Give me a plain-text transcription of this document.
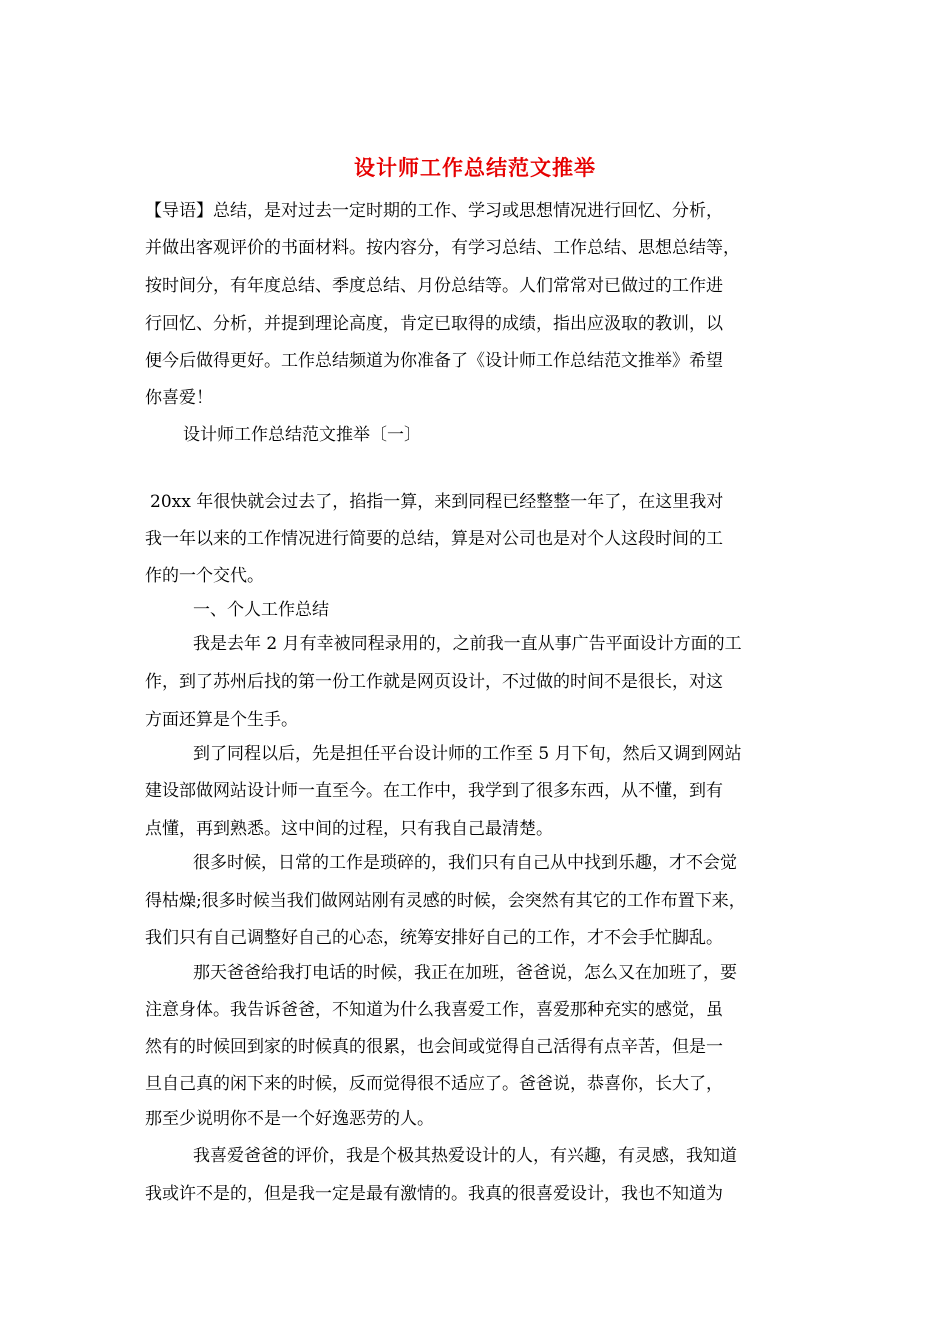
设计师工作总结范文推举
【导语】总结，是对过去一定时期的工作、学习或思想情况进行回忆、分析，
并做出客观评价的书面材料。按内容分，有学习总结、工作总结、思想总结等，
按时间分，有年度总结、季度总结、月份总结等。人们常常对已做过的工作进
行回忆、分析，并提到理论高度，肯定已取得的成绩，指出应汲取的教训，以
便今后做得更好。工作总结频道为你准备了《设计师工作总结范文推举》希望
你喜爱！
设计师工作总结范文推举〔一〕
20xx 年很快就会过去了，掐指一算，来到同程已经整整一年了，在这里我对
我一年以来的工作情况进行简要的总结，算是对公司也是对个人这段时间的工
作的一个交代。
一、个人工作总结
我是去年 2 月有幸被同程录用的，之前我一直从事广告平面设计方面的工
作，到了苏州后找的第一份工作就是网页设计，不过做的时间不是很长，对这
方面还算是个生手。
到了同程以后，先是担任平台设计师的工作至 5 月下旬，然后又调到网站
建设部做网站设计师一直至今。在工作中，我学到了很多东西，从不懂，到有
点懂，再到熟悉。这中间的过程，只有我自己最清楚。
很多时候，日常的工作是琐碎的，我们只有自己从中找到乐趣，才不会觉
得枯燥;很多时候当我们做网站刚有灵感的时候，会突然有其它的工作布置下来，
我们只有自己调整好自己的心态，统筹安排好自己的工作，才不会手忙脚乱。
那天爸爸给我打电话的时候，我正在加班，爸爸说，怎么又在加班了，要
注意身体。我告诉爸爸，不知道为什么我喜爱工作，喜爱那种充实的感觉，虽
然有的时候回到家的时候真的很累，也会间或觉得自己活得有点辛苦，但是一
旦自己真的闲下来的时候，反而觉得很不适应了。爸爸说，恭喜你，长大了，
那至少说明你不是一个好逸恶劳的人。
我喜爱爸爸的评价，我是个极其热爱设计的人，有兴趣，有灵感，我知道
我或许不是的，但是我一定是最有激情的。我真的很喜爱设计，我也不知道为
